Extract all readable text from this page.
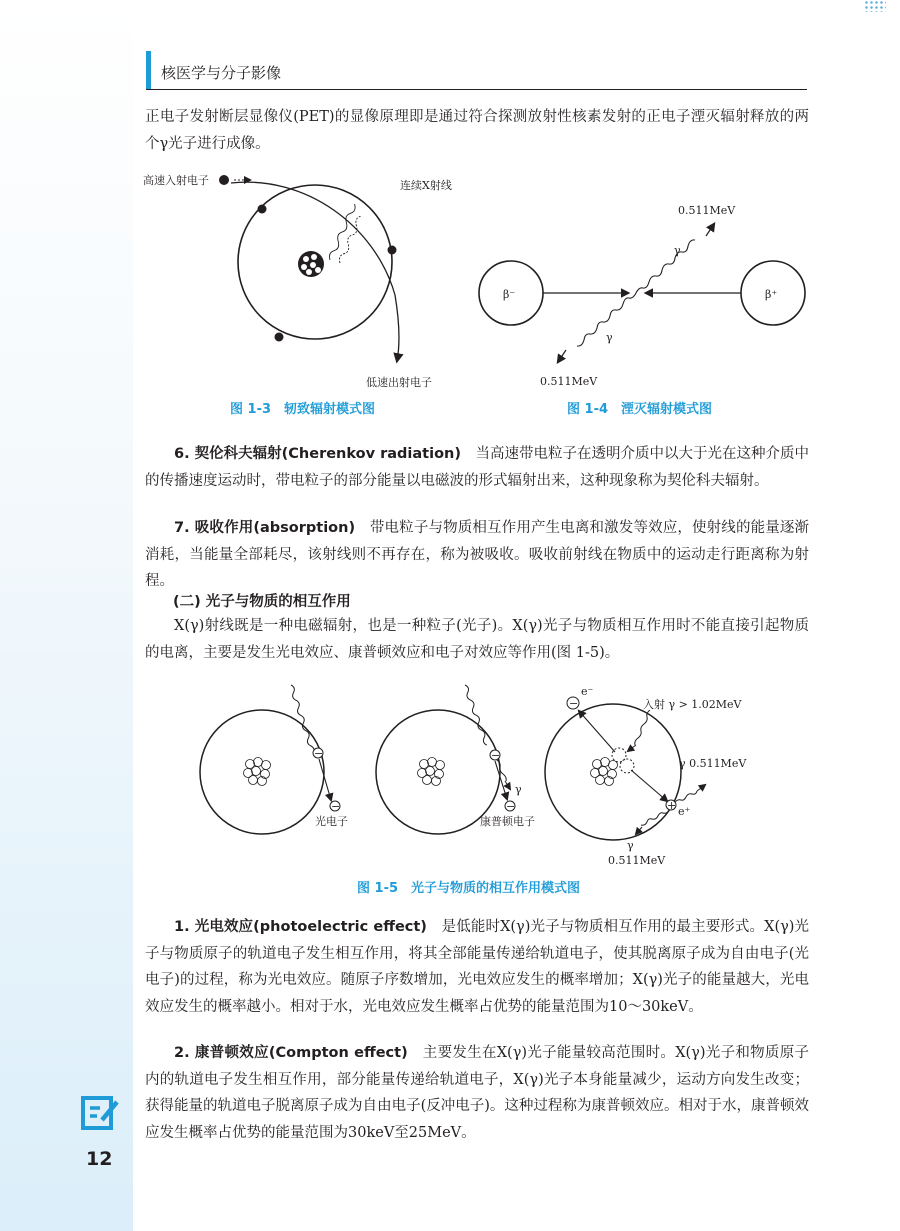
核医学与分子影像

正电子发射断层显像仪(PET)的显像原理即是通过符合探测放射性核素发射的正电子湮灭辐射释放的两个γ光子进行成像。

高速入射电子	连续X射线
低速出射电子
图 1-3　轫致辐射模式图
β⁻	β⁺
0.511MeV
γ
γ
0.511MeV
图 1-4　湮灭辐射模式图

6. 契伦科夫辐射(Cherenkov radiation)　 当高速带电粒子在透明介质中以大于光在这种介质中的传播速度运动时，带电粒子的部分能量以电磁波的形式辐射出来，这种现象称为契伦科夫辐射。

7. 吸收作用(absorption)　 带电粒子与物质相互作用产生电离和激发等效应，使射线的能量逐渐消耗，当能量全部耗尽，该射线则不再存在，称为被吸收。吸收前射线在物质中的运动走行距离称为射程。

(二) 光子与物质的相互作用

X(γ)射线既是一种电磁辐射，也是一种粒子(光子)。X(γ)光子与物质相互作用时不能直接引起物质的电离，主要是发生光电效应、康普顿效应和电子对效应等作用(图 1-5)。

−
−
光电子
γ
−
−
康普顿电子
−
e⁻
+ e⁺
入射 γ > 1.02MeV
γ 0.511MeV
γ
0.511MeV
图 1-5　光子与物质的相互作用模式图

1. 光电效应(photoelectric effect)　 是低能时X(γ)光子与物质相互作用的最主要形式。X(γ)光子与物质原子的轨道电子发生相互作用，将其全部能量传递给轨道电子，使其脱离原子成为自由电子(光电子)的过程，称为光电效应。随原子序数增加，光电效应发生的概率增加；X(γ)光子的能量越大，光电效应发生的概率越小。相对于水，光电效应发生概率占优势的能量范围为10～30keV。

2. 康普顿效应(Compton effect)　 主要发生在X(γ)光子能量较高范围时。X(γ)光子和物质原子内的轨道电子发生相互作用，部分能量传递给轨道电子，X(γ)光子本身能量减少，运动方向发生改变；获得能量的轨道电子脱离原子成为自由电子(反冲电子)。这种过程称为康普顿效应。相对于水，康普顿效应发生概率占优势的能量范围为30keV至25MeV。

12
